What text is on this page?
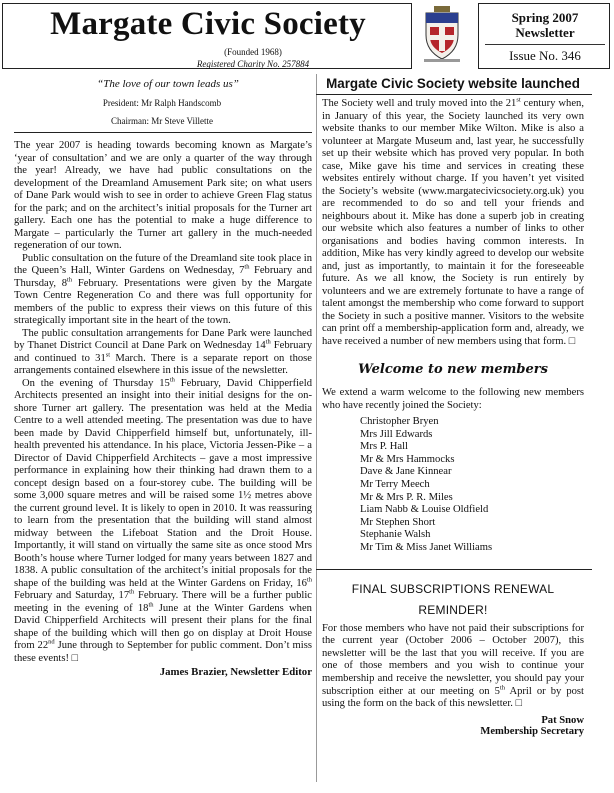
Margate Civic Society
(Founded 1968)
Registered Charity No. 257884
Spring 2007
Newsletter
Issue No. 346
“The love of our town leads us”
President: Mr Ralph Handscomb
Chairman: Mr Steve Villette

The year 2007 is heading towards becoming known as Margate’s ‘year of consultation’ and we are only a quarter of the way through the year! Already, we have had public consultations on the development of the Dreamland Amusement Park site; on what users of Dane Park would wish to see in order to achieve Green Flag status for the park; and on the architect’s initial proposals for the Turner art gallery. Each one has the potential to make a huge difference to Margate – particularly the Turner art gallery in the much-needed regeneration of our town.

Public consultation on the future of the Dreamland site took place in the Queen’s Hall, Winter Gardens on Wednesday, 7th February and Thursday, 8th February. Presentations were given by the Margate Town Centre Regeneration Co and there was full opportunity for members of the public to express their views on this future of this strategically important site in the heart of the town.

The public consultation arrangements for Dane Park were launched by Thanet District Council at Dane Park on Wednesday 14th February and continued to 31st March. There is a separate report on those arrangements contained elsewhere in this issue of the newsletter.

On the evening of Thursday 15th February, David Chipperfield Architects presented an insight into their initial designs for the on-shore Turner art gallery. The presentation was held at the Media Centre to a well attended meeting. The presentation was due to have been made by David Chipperfield himself but, unfortunately, ill-health prevented his attendance. In his place, Victoria Jessen-Pike – a Director of David Chipperfield Architects – gave a most impressive performance in explaining how their thinking had drawn them to a concept design based on a four-storey cube. The building will be some 3,000 square metres and will be raised some 1½ metres above the current ground level. It is likely to open in 2010. It was reassuring to learn from the presentation that the building will stand almost midway between the Lifeboat Station and the Droit House. Importantly, it will stand on virtually the same site as once stood Mrs Booth’s house where Turner lodged for many years between 1827 and 1838. A public consultation of the architect’s initial proposals for the shape of the building was held at the Winter Gardens on Friday, 16th February and Saturday, 17th February. There will be a further public meeting in the evening of 18th June at the Winter Gardens when David Chipperfield Architects will present their plans for the final shape of the building which will then go on display at Droit House from 22nd June through to September for public comment. Don’t miss these events! □

James Brazier, Newsletter Editor
Margate Civic Society website launched
The Society well and truly moved into the 21st century when, in January of this year, the Society launched its very own website thanks to our member Mike Wilton. Mike is also a volunteer at Margate Museum and, last year, he successfully set up their website which has proved very popular. In both case, Mike gave his time and services in creating these websites entirely without charge. If you haven’t yet visited the Society’s website (www.margatecivicsociety.org.uk) you are recommended to do so and tell your friends and neighbours about it. Mike has done a superb job in creating our website which also features a number of links to other organisations and bodies having common interests. In addition, Mike has very kindly agreed to develop our website and, just as importantly, to maintain it for the foreseeable future. As we all know, the Society is run entirely by volunteers and we are extremely fortunate to have a range of talent amongst the membership who come forward to support the Society in such a positive manner. Visitors to the website can print off a membership-application form and, already, we have received a number of new members using that form. □
Welcome to new members
We extend a warm welcome to the following new members who have recently joined the Society:
Christopher Bryen
Mrs Jill Edwards
Mrs P. Hall
Mr & Mrs Hammocks
Dave & Jane Kinnear
Mr Terry Meech
Mr & Mrs P. R. Miles
Liam Nabb & Louise Oldfield
Mr Stephen Short
Stephanie Walsh
Mr Tim & Miss Janet Williams
FINAL SUBSCRIPTIONS RENEWAL
REMINDER!
For those members who have not paid their subscriptions for the current year (October 2006 – October 2007), this newsletter will be the last that you will receive. If you are one of those members and you wish to continue your membership and receive the newsletter, you should pay your subscription either at our meeting on 5th April or by post using the form on the back of this newsletter. □
Pat Snow
Membership Secretary
